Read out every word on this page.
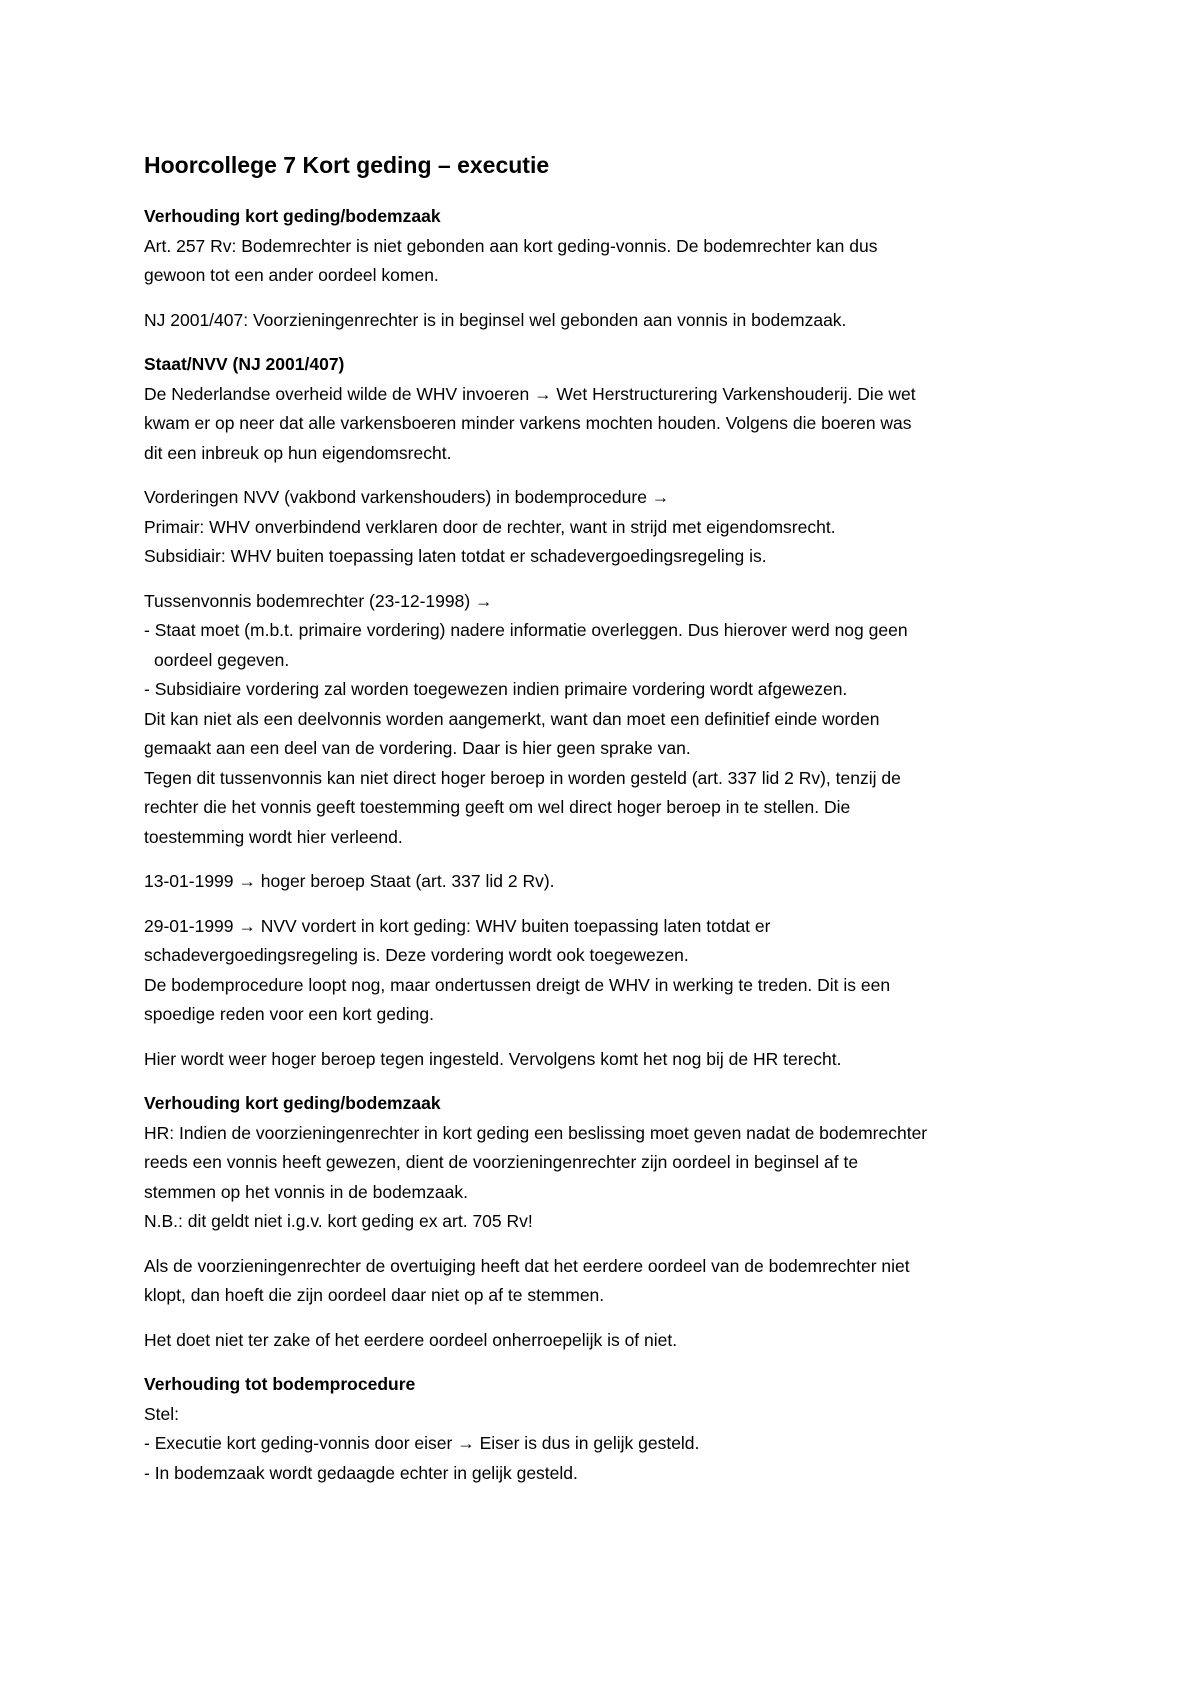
Hoorcollege 7 Kort geding – executie
Verhouding kort geding/bodemzaak
Art. 257 Rv: Bodemrechter is niet gebonden aan kort geding-vonnis. De bodemrechter kan dus
gewoon tot een ander oordeel komen.
NJ 2001/407: Voorzieningenrechter is in beginsel wel gebonden aan vonnis in bodemzaak.
Staat/NVV (NJ 2001/407)
De Nederlandse overheid wilde de WHV invoeren → Wet Herstructurering Varkenshouderij. Die wet
kwam er op neer dat alle varkensboeren minder varkens mochten houden. Volgens die boeren was
dit een inbreuk op hun eigendomsrecht.
Vorderingen NVV (vakbond varkenshouders) in bodemprocedure →
Primair: WHV onverbindend verklaren door de rechter, want in strijd met eigendomsrecht.
Subsidiair: WHV buiten toepassing laten totdat er schadevergoedingsregeling is.
Tussenvonnis bodemrechter (23-12-1998) →
- Staat moet (m.b.t. primaire vordering) nadere informatie overleggen. Dus hierover werd nog geen
oordeel gegeven.
- Subsidiaire vordering zal worden toegewezen indien primaire vordering wordt afgewezen.
Dit kan niet als een deelvonnis worden aangemerkt, want dan moet een definitief einde worden
gemaakt aan een deel van de vordering. Daar is hier geen sprake van.
Tegen dit tussenvonnis kan niet direct hoger beroep in worden gesteld (art. 337 lid 2 Rv), tenzij de
rechter die het vonnis geeft toestemming geeft om wel direct hoger beroep in te stellen. Die
toestemming wordt hier verleend.
13-01-1999 → hoger beroep Staat (art. 337 lid 2 Rv).
29-01-1999 → NVV vordert in kort geding: WHV buiten toepassing laten totdat er
schadevergoedingsregeling is. Deze vordering wordt ook toegewezen.
De bodemprocedure loopt nog, maar ondertussen dreigt de WHV in werking te treden. Dit is een
spoedige reden voor een kort geding.
Hier wordt weer hoger beroep tegen ingesteld. Vervolgens komt het nog bij de HR terecht.
Verhouding kort geding/bodemzaak
HR: Indien de voorzieningenrechter in kort geding een beslissing moet geven nadat de bodemrechter
reeds een vonnis heeft gewezen, dient de voorzieningenrechter zijn oordeel in beginsel af te
stemmen op het vonnis in de bodemzaak.
N.B.: dit geldt niet i.g.v. kort geding ex art. 705 Rv!
Als de voorzieningenrechter de overtuiging heeft dat het eerdere oordeel van de bodemrechter niet
klopt, dan hoeft die zijn oordeel daar niet op af te stemmen.
Het doet niet ter zake of het eerdere oordeel onherroepelijk is of niet.
Verhouding tot bodemprocedure
Stel:
- Executie kort geding-vonnis door eiser → Eiser is dus in gelijk gesteld.
- In bodemzaak wordt gedaagde echter in gelijk gesteld.
